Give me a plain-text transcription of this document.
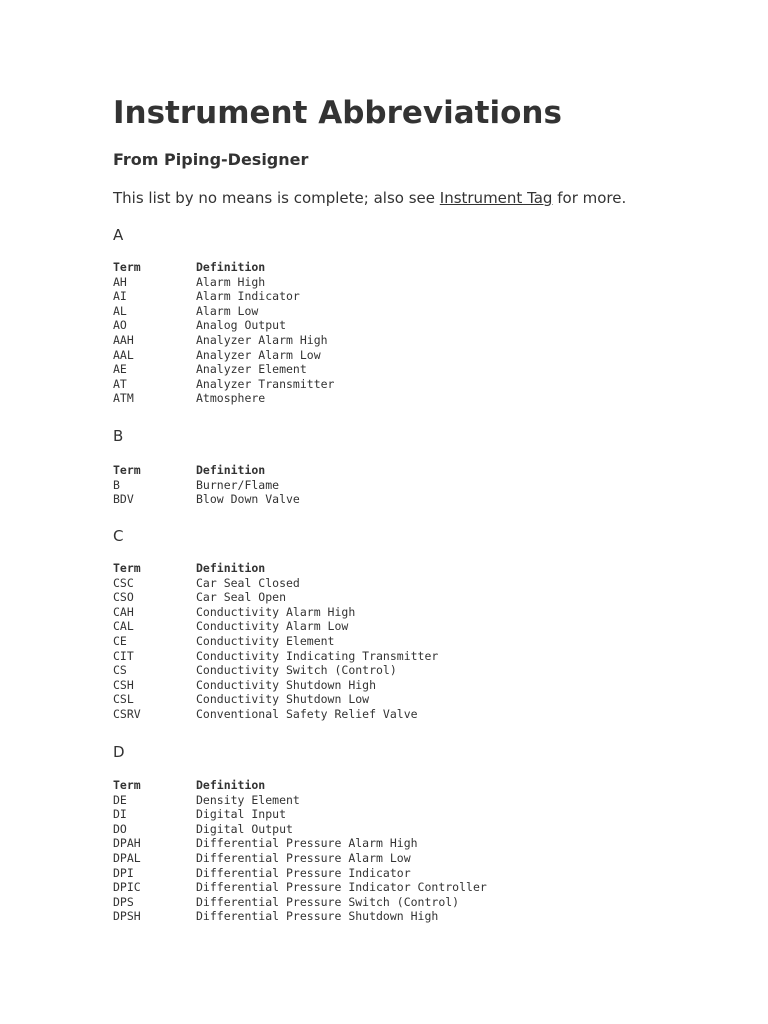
Instrument Abbreviations
From Piping-Designer

This list by no means is complete; also see Instrument Tag for more.

A
Term	Definition
AH	Alarm High
AI	Alarm Indicator
AL	Alarm Low
AO	Analog Output
AAH	Analyzer Alarm High
AAL	Analyzer Alarm Low
AE	Analyzer Element
AT	Analyzer Transmitter
ATM	Atmosphere
B
Term	Definition
B	Burner/Flame
BDV	Blow Down Valve
C
Term	Definition
CSC	Car Seal Closed
CSO	Car Seal Open
CAH	Conductivity Alarm High
CAL	Conductivity Alarm Low
CE	Conductivity Element
CIT	Conductivity Indicating Transmitter
CS	Conductivity Switch (Control)
CSH	Conductivity Shutdown High
CSL	Conductivity Shutdown Low
CSRV	Conventional Safety Relief Valve
D
Term	Definition
DE	Density Element
DI	Digital Input
DO	Digital Output
DPAH	Differential Pressure Alarm High
DPAL	Differential Pressure Alarm Low
DPI	Differential Pressure Indicator
DPIC	Differential Pressure Indicator Controller
DPS	Differential Pressure Switch (Control)
DPSH	Differential Pressure Shutdown High
